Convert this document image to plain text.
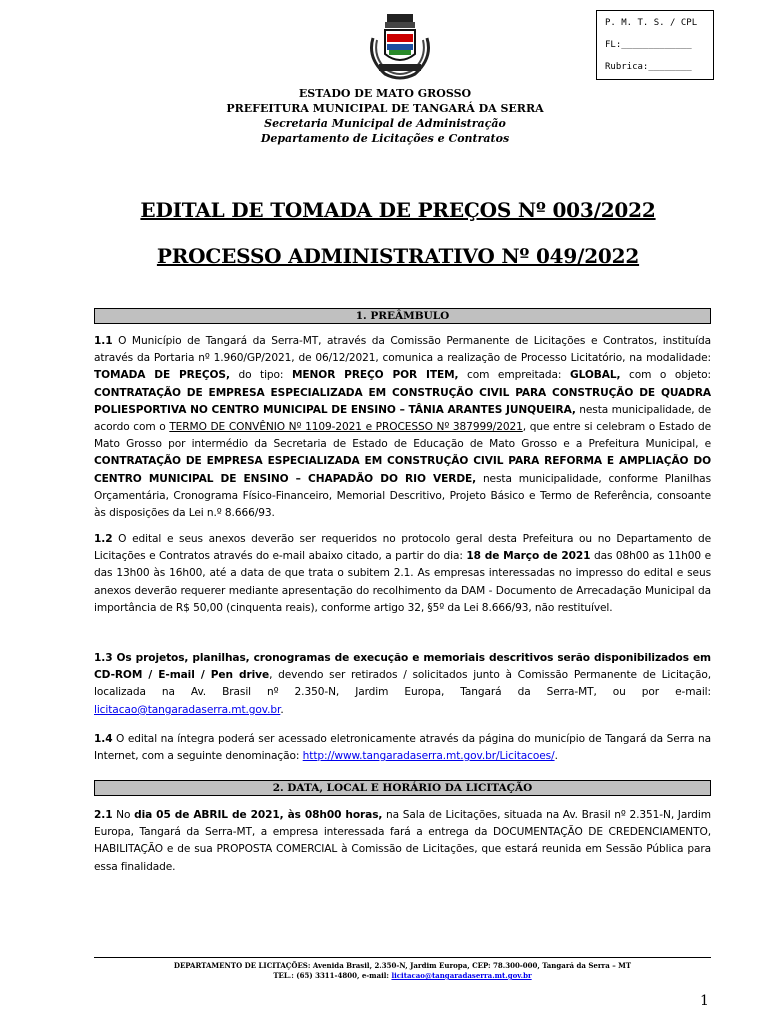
P. M. T. S. / CPL
FL:_____________
Rubrica:________
ESTADO DE MATO GROSSO
PREFEITURA MUNICIPAL DE TANGARÁ DA SERRA
Secretaria Municipal de Administração
Departamento de Licitações e Contratos
EDITAL DE TOMADA DE PREÇOS Nº 003/2022
PROCESSO ADMINISTRATIVO Nº 049/2022
1. PREÂMBULO
1.1 O Município de Tangará da Serra-MT, através da Comissão Permanente de Licitações e Contratos, instituída através da Portaria nº 1.960/GP/2021, de 06/12/2021, comunica a realização de Processo Licitatório, na modalidade: TOMADA DE PREÇOS, do tipo: MENOR PREÇO POR ITEM, com empreitada: GLOBAL, com o objeto: CONTRATAÇÃO DE EMPRESA ESPECIALIZADA EM CONSTRUÇÃO CIVIL PARA CONSTRUÇÃO DE QUADRA POLIESPORTIVA NO CENTRO MUNICIPAL DE ENSINO – TÂNIA ARANTES JUNQUEIRA, nesta municipalidade, de acordo com o TERMO DE CONVÊNIO Nº 1109-2021 e PROCESSO Nº 387999/2021, que entre si celebram o Estado de Mato Grosso por intermédio da Secretaria de Estado de Educação de Mato Grosso e a Prefeitura Municipal, e CONTRATAÇÃO DE EMPRESA ESPECIALIZADA EM CONSTRUÇÃO CIVIL PARA REFORMA E AMPLIAÇÃO DO CENTRO MUNICIPAL DE ENSINO – CHAPADÃO DO RIO VERDE, nesta municipalidade, conforme Planilhas Orçamentária, Cronograma Físico-Financeiro, Memorial Descritivo, Projeto Básico e Termo de Referência, consoante às disposições da Lei n.º 8.666/93.
1.2 O edital e seus anexos deverão ser requeridos no protocolo geral desta Prefeitura ou no Departamento de Licitações e Contratos através do e-mail abaixo citado, a partir do dia: 18 de Março de 2021 das 08h00 as 11h00 e das 13h00 às 16h00, até a data de que trata o subitem 2.1. As empresas interessadas no impresso do edital e seus anexos deverão requerer mediante apresentação do recolhimento da DAM - Documento de Arrecadação Municipal da importância de R$ 50,00 (cinquenta reais), conforme artigo 32, §5º da Lei 8.666/93, não restituível.
1.3 Os projetos, planilhas, cronogramas de execução e memoriais descritivos serão disponibilizados em CD-ROM / E-mail / Pen drive, devendo ser retirados / solicitados junto à Comissão Permanente de Licitação, localizada na Av. Brasil nº 2.350-N, Jardim Europa, Tangará da Serra-MT, ou por e-mail: licitacao@tangaradaserra.mt.gov.br.
1.4 O edital na íntegra poderá ser acessado eletronicamente através da página do município de Tangará da Serra na Internet, com a seguinte denominação: http://www.tangaradaserra.mt.gov.br/Licitacoes/.
2. DATA, LOCAL E HORÁRIO DA LICITAÇÃO
2.1 No dia 05 de ABRIL de 2021, às 08h00 horas, na Sala de Licitações, situada na Av. Brasil nº 2.351-N, Jardim Europa, Tangará da Serra-MT, a empresa interessada fará a entrega da DOCUMENTAÇÃO DE CREDENCIAMENTO, HABILITAÇÃO e de sua PROPOSTA COMERCIAL à Comissão de Licitações, que estará reunida em Sessão Pública para essa finalidade.
DEPARTAMENTO DE LICITAÇÕES: Avenida Brasil, 2.350-N, Jardim Europa, CEP: 78.300-000, Tangará da Serra – MT
TEL.: (65) 3311-4800, e-mail: licitacao@tangaradaserra.mt.gov.br
1
